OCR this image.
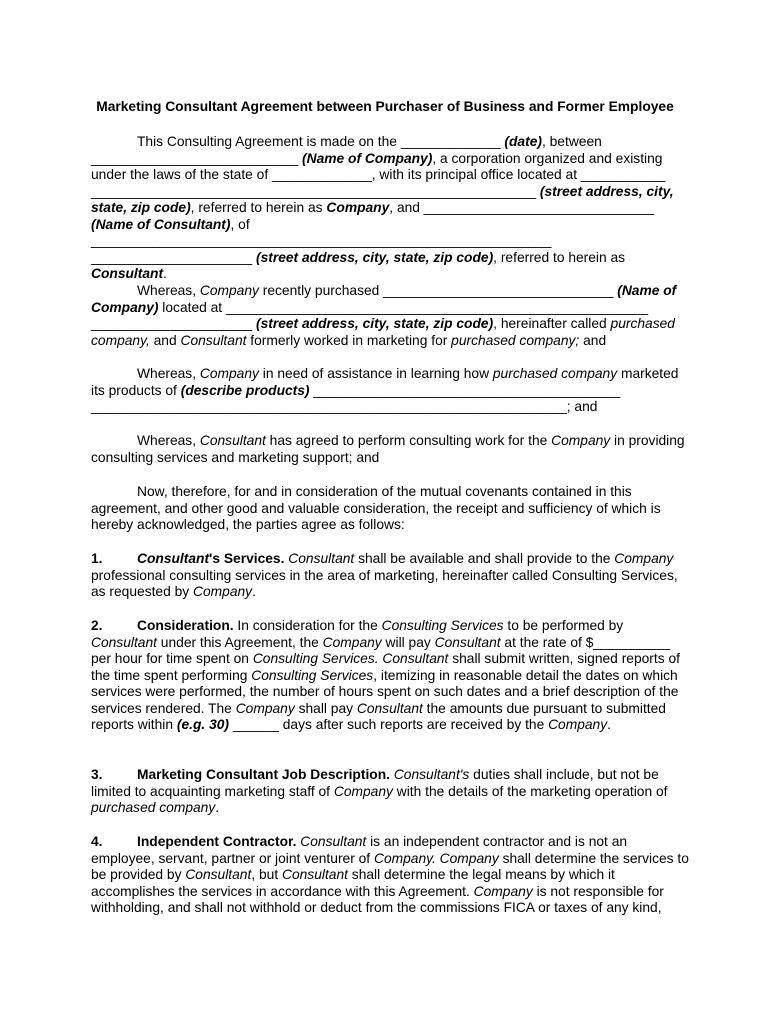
Marketing Consultant Agreement between Purchaser of Business and Former Employee

This Consulting Agreement is made on the _____________ (date), between ___________________________ (Name of Company), a corporation organized and existing under the laws of the state of _____________, with its principal office located at ___________ __________________________________________________________ (street address, city, state, zip code), referred to herein as Company, and ______________________________ (Name of Consultant), of ____________________________________________________________ _____________________ (street address, city, state, zip code), referred to herein as Consultant.

Whereas, Company recently purchased ______________________________ (Name of Company) located at _______________________________________________________ _____________________ (street address, city, state, zip code), hereinafter called purchased company, and Consultant formerly worked in marketing for purchased company; and

Whereas, Company in need of assistance in learning how purchased company marketed its products of (describe products) ________________________________________ ______________________________________________________________; and

Whereas, Consultant has agreed to perform consulting work for the Company in providing consulting services and marketing support; and

Now, therefore, for and in consideration of the mutual covenants contained in this agreement, and other good and valuable consideration, the receipt and sufficiency of which is hereby acknowledged, the parties agree as follows:

1. Consultant's Services. Consultant shall be available and shall provide to the Company professional consulting services in the area of marketing, hereinafter called Consulting Services, as requested by Company.

2. Consideration. In consideration for the Consulting Services to be performed by Consultant under this Agreement, the Company will pay Consultant at the rate of $__________ per hour for time spent on Consulting Services. Consultant shall submit written, signed reports of the time spent performing Consulting Services, itemizing in reasonable detail the dates on which services were performed, the number of hours spent on such dates and a brief description of the services rendered. The Company shall pay Consultant the amounts due pursuant to submitted reports within (e.g. 30) ______ days after such reports are received by the Company.

3. Marketing Consultant Job Description. Consultant's duties shall include, but not be limited to acquainting marketing staff of Company with the details of the marketing operation of purchased company.

4. Independent Contractor. Consultant is an independent contractor and is not an employee, servant, partner or joint venturer of Company. Company shall determine the services to be provided by Consultant, but Consultant shall determine the legal means by which it accomplishes the services in accordance with this Agreement. Company is not responsible for withholding, and shall not withhold or deduct from the commissions FICA or taxes of any kind,
